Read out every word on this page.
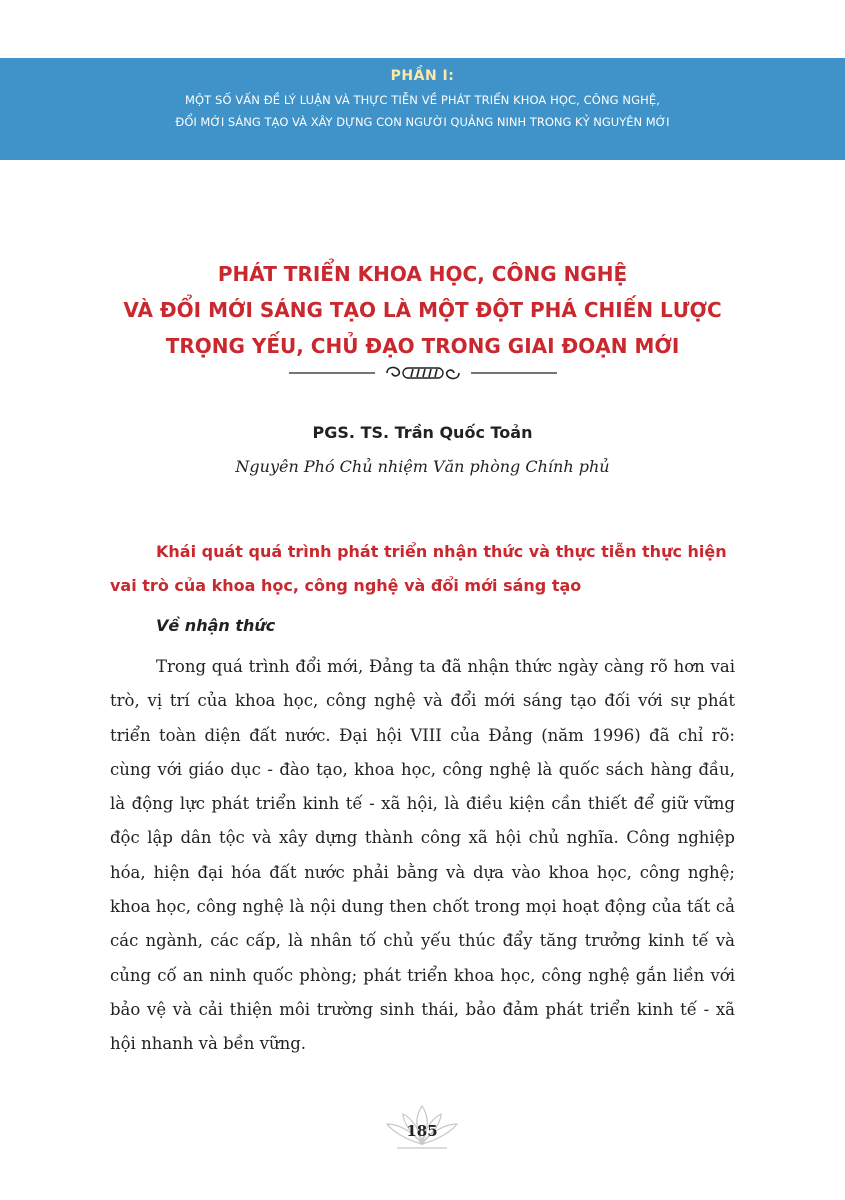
PHẦN I:
MỘT SỐ VẤN ĐỀ LÝ LUẬN VÀ THỰC TIỄN VỀ PHÁT TRIỂN KHOA HỌC, CÔNG NGHỆ,
ĐỔI MỚI SÁNG TẠO VÀ XÂY DỰNG CON NGƯỜI QUẢNG NINH TRONG KỶ NGUYÊN MỚI
PHÁT TRIỂN KHOA HỌC, CÔNG NGHỆ
VÀ ĐỔI MỚI SÁNG TẠO LÀ MỘT ĐỘT PHÁ CHIẾN LƯỢC
TRỌNG YẾU, CHỦ ĐẠO TRONG GIAI ĐOẠN MỚI
PGS. TS. Trần Quốc Toản
Nguyên Phó Chủ nhiệm Văn phòng Chính phủ
Khái quát quá trình phát triển nhận thức và thực tiễn thực hiện vai trò của khoa học, công nghệ và đổi mới sáng tạo
Về nhận thức
Trong quá trình đổi mới, Đảng ta đã nhận thức ngày càng rõ hơn vai trò, vị trí của khoa học, công nghệ và đổi mới sáng tạo đối với sự phát triển toàn diện đất nước. Đại hội VIII của Đảng (năm 1996) đã chỉ rõ: cùng với giáo dục - đào tạo, khoa học, công nghệ là quốc sách hàng đầu, là động lực phát triển kinh tế - xã hội, là điều kiện cần thiết để giữ vững độc lập dân tộc và xây dựng thành công xã hội chủ nghĩa. Công nghiệp hóa, hiện đại hóa đất nước phải bằng và dựa vào khoa học, công nghệ; khoa học, công nghệ là nội dung then chốt trong mọi hoạt động của tất cả các ngành, các cấp, là nhân tố chủ yếu thúc đẩy tăng trưởng kinh tế và củng cố an ninh quốc phòng; phát triển khoa học, công nghệ gắn liền với bảo vệ và cải thiện môi trường sinh thái, bảo đảm phát triển kinh tế - xã hội nhanh và bền vững.
185
